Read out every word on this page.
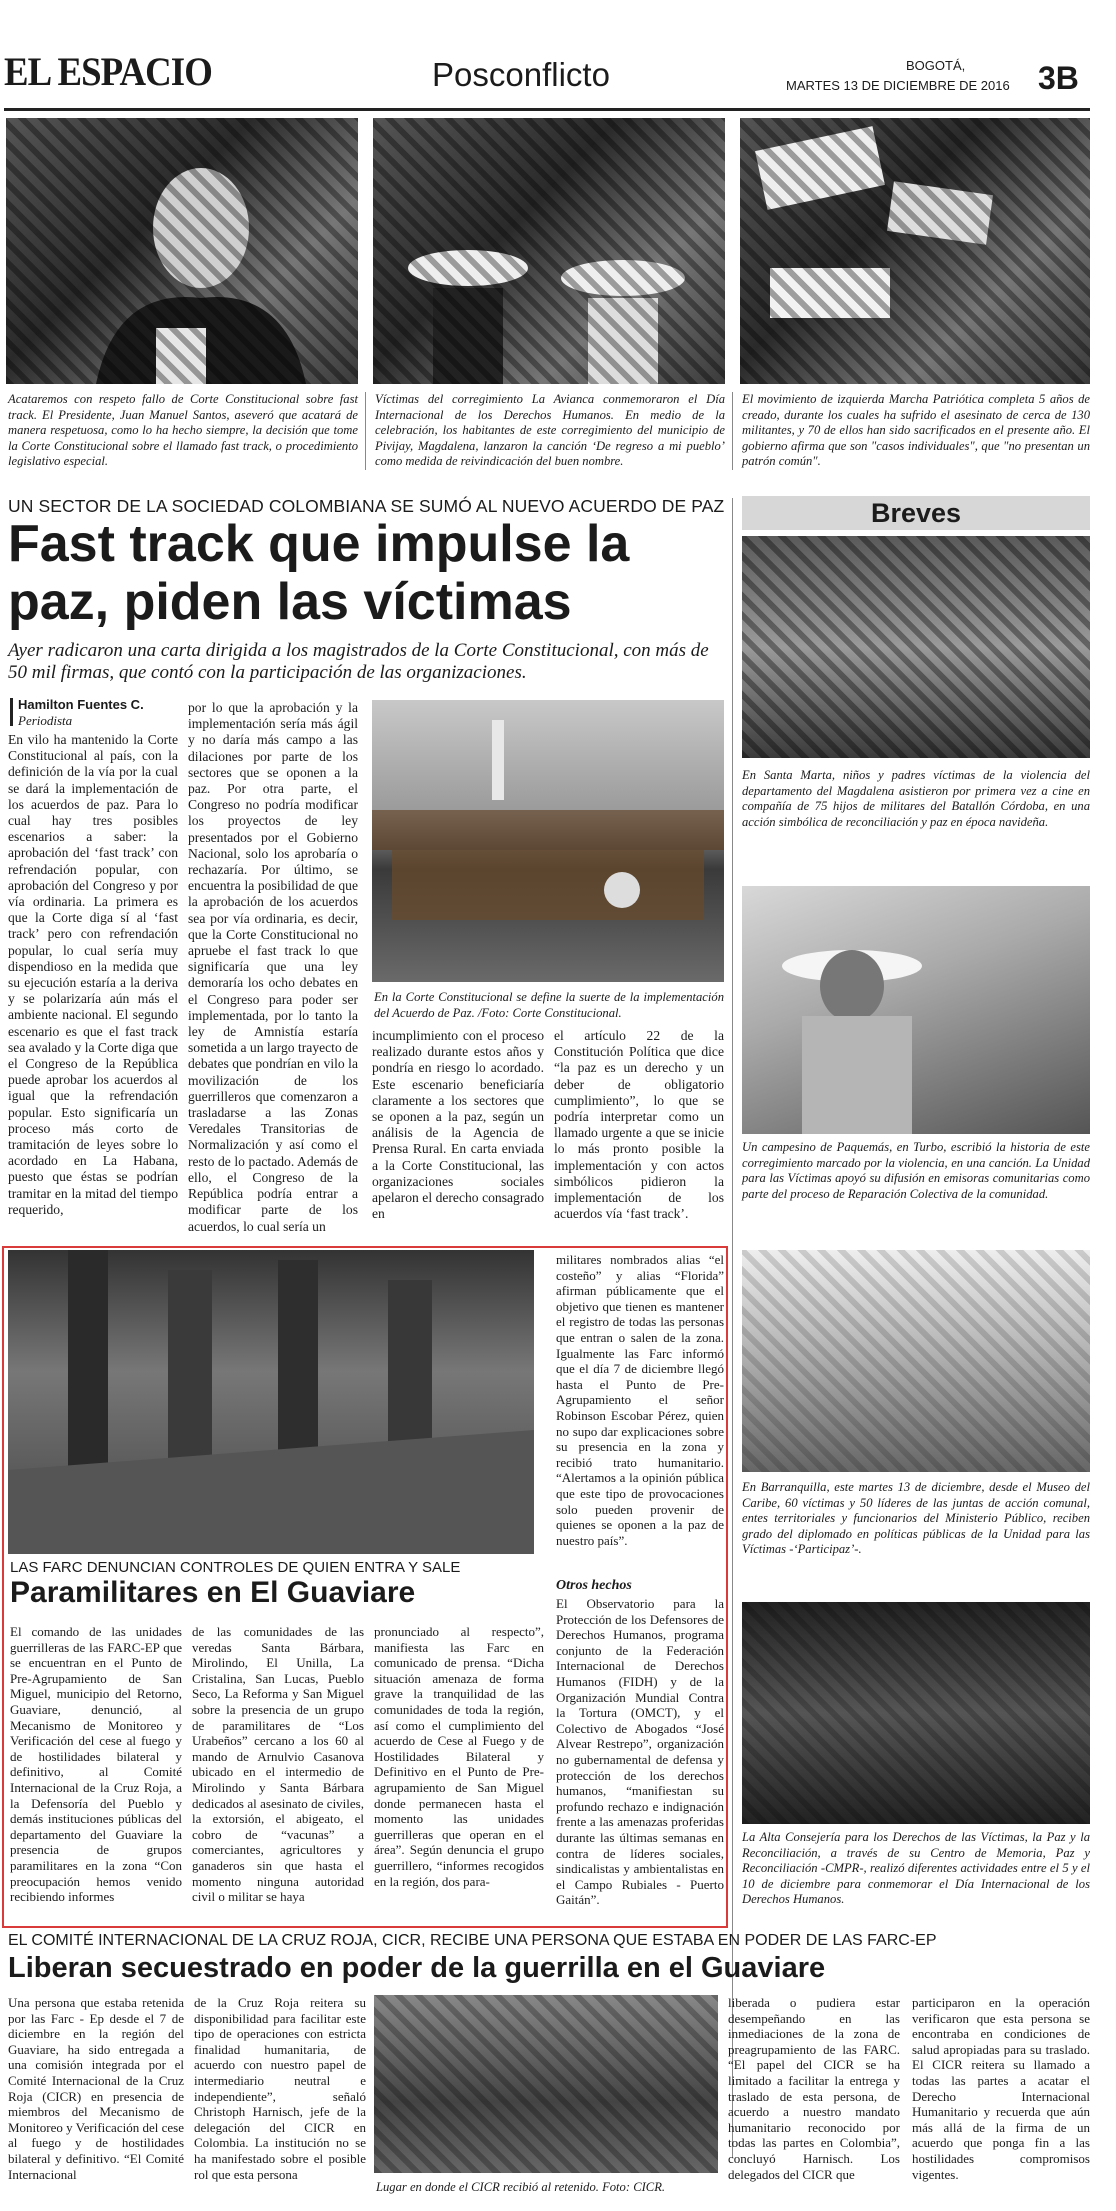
EL ESPACIO	Posconflicto	BOGOTÁ,
MARTES 13 DE DICIEMBRE DE 2016 3B
Acataremos con respeto fallo de Corte Constitucional sobre fast track. El Presidente, Juan Manuel Santos, aseveró que acatará de manera respetuosa, como lo ha hecho siempre, la decisión que tome la Corte Constitucional sobre el llamado fast track, o procedimiento legislativo especial.
Víctimas del corregimiento La Avianca conmemoraron el Día Internacional de los Derechos Humanos. En medio de la celebración, los habitantes de este corregimiento del municipio de Pivijay, Magdalena, lanzaron la canción ‘De regreso a mi pueblo’ como medida de reivindicación del buen nombre.
El movimiento de izquierda Marcha Patriótica completa 5 años de creado, durante los cuales ha sufrido el asesinato de cerca de 130 militantes, y 70 de ellos han sido sacrificados en el presente año. El gobierno afirma que son "casos individuales", que "no presentan un patrón común".
UN SECTOR DE LA SOCIEDAD COLOMBIANA SE SUMÓ AL NUEVO ACUERDO DE PAZ
Fast track que impulse la
paz, piden las víctimas
Ayer radicaron una carta dirigida a los magistrados de la Corte Constitucional, con más de 50 mil firmas, que contó con la participación de las organizaciones.
Hamilton Fuentes C.
Periodista
En vilo ha mantenido la Corte Constitucional al país, con la definición de la vía por la cual se dará la implementación de los acuerdos de paz. Para lo cual hay tres posibles escenarios a saber: la aprobación del ‘fast track’ con refrendación popular, con aprobación del Congreso y por vía ordinaria. La primera es que la Corte diga sí al ‘fast track’ pero con refrendación popular, lo cual sería muy dispendioso en la medida que su ejecución estaría a la deriva y se polarizaría aún más el ambiente nacional. El segundo escenario es que el fast track sea avalado y la Corte diga que el Congreso de la República puede aprobar los acuerdos al igual que la refrendación popular. Esto significaría un proceso más corto de tramitación de leyes sobre lo acordado en La Habana, puesto que éstas se podrían tramitar en la mitad del tiempo requerido,
por lo que la aprobación y la implementación sería más ágil y no daría más campo a las dilaciones por parte de los sectores que se oponen a la paz. Por otra parte, el Congreso no podría modificar los proyectos de ley presentados por el Gobierno Nacional, solo los aprobaría o rechazaría. Por último, se encuentra la posibilidad de que la aprobación de los acuerdos sea por vía ordinaria, es decir, que la Corte Constitucional no apruebe el fast track lo que significaría que una ley demoraría los ocho debates en el Congreso para poder ser implementada, por lo tanto la ley de Amnistía estaría sometida a un largo trayecto de debates que pondrían en vilo la movilización de los guerrilleros que comenzaron a trasladarse a las Zonas Veredales Transitorias de Normalización y así como el resto de lo pactado. Además de ello, el Congreso de la República podría entrar a modificar parte de los acuerdos, lo cual sería un
En la Corte Constitucional se define la suerte de la implementación del Acuerdo de Paz. /Foto: Corte Constitucional.
incumplimiento con el proceso realizado durante estos años y pondría en riesgo lo acordado. Este escenario beneficiaría claramente a los sectores que se oponen a la paz, según un análisis de la Agencia de Prensa Rural. En carta enviada a la Corte Constitucional, las organizaciones sociales apelaron el derecho consagrado en
el artículo 22 de la Constitución Política que dice “la paz es un derecho y un deber de obligatorio cumplimiento”, lo que se podría interpretar como un llamado urgente a que se inicie lo más pronto posible la implementación y con actos simbólicos pidieron la implementación de los acuerdos vía ‘fast track’.
Breves
En Santa Marta, niños y padres víctimas de la violencia del departamento del Magdalena asistieron por primera vez a cine en compañía de 75 hijos de militares del Batallón Córdoba, en una acción simbólica de reconciliación y paz en época navideña.
Un campesino de Paquemás, en Turbo, escribió la historia de este corregimiento marcado por la violencia, en una canción. La Unidad para las Víctimas apoyó su difusión en emisoras comunitarias como parte del proceso de Reparación Colectiva de la comunidad.
En Barranquilla, este martes 13 de diciembre, desde el Museo del Caribe, 60 víctimas y 50 líderes de las juntas de acción comunal, entes territoriales y funcionarios del Ministerio Público, reciben grado del diplomado en políticas públicas de la Unidad para las Víctimas -‘Participaz’-.
La Alta Consejería para los Derechos de las Víctimas, la Paz y la Reconciliación, a través de su Centro de Memoria, Paz y Reconciliación -CMPR-, realizó diferentes actividades entre el 5 y el 10 de diciembre para conmemorar el Día Internacional de los Derechos Humanos.
LAS FARC DENUNCIAN CONTROLES DE QUIEN ENTRA Y SALE
Paramilitares en El Guaviare
El comando de las unidades guerrilleras de las FARC-EP que se encuentran en el Punto de Pre-Agrupamiento de San Miguel, municipio del Retorno, Guaviare, denunció, al Mecanismo de Monitoreo y Verificación del cese al fuego y de hostilidades bilateral y definitivo, al Comité Internacional de la Cruz Roja, a la Defensoría del Pueblo y demás instituciones públicas del departamento del Guaviare la presencia de grupos paramilitares en la zona “Con preocupación hemos venido recibiendo informes
de las comunidades de las veredas Santa Bárbara, Mirolindo, El Unilla, La Cristalina, San Lucas, Pueblo Seco, La Reforma y San Miguel sobre la presencia de un grupo de paramilitares de “Los Urabeños” cercano a los 60 al mando de Arnulvio Casanova ubicado en el intermedio de Mirolindo y Santa Bárbara dedicados al asesinato de civiles, la extorsión, el abigeato, el cobro de “vacunas” a comerciantes, agricultores y ganaderos sin que hasta el momento ninguna autoridad civil o militar se haya
pronunciado al respecto”, manifiesta las Farc en comunicado de prensa. “Dicha situación amenaza de forma grave la tranquilidad de las comunidades de toda la región, así como el cumplimiento del acuerdo de Cese al Fuego y de Hostilidades Bilateral y Definitivo en el Punto de Pre-agrupamiento de San Miguel donde permanecen hasta el momento las unidades guerrilleras que operan en el área”. Según denuncia el grupo guerrillero, “informes recogidos en la región, dos para-
militares nombrados alias “el costeño” y alias “Florida” afirman públicamente que el objetivo que tienen es mantener el registro de todas las personas que entran o salen de la zona. Igualmente las Farc informó que el día 7 de diciembre llegó hasta el Punto de Pre-Agrupamiento el señor Robinson Escobar Pérez, quien no supo dar explicaciones sobre su presencia en la zona y recibió trato humanitario. “Alertamos a la opinión pública que este tipo de provocaciones solo pueden provenir de quienes se oponen a la paz de nuestro país”.
Otros hechos
El Observatorio para la Protección de los Defensores de Derechos Humanos, programa conjunto de la Federación Internacional de Derechos Humanos (FIDH) y de la Organización Mundial Contra la Tortura (OMCT), y el Colectivo de Abogados “José Alvear Restrepo”, organización no gubernamental de defensa y protección de los derechos humanos, “manifiestan su profundo rechazo e indignación frente a las amenazas proferidas durante las últimas semanas en contra de líderes sociales, sindicalistas y ambientalistas en el Campo Rubiales - Puerto Gaitán”.
EL COMITÉ INTERNACIONAL DE LA CRUZ ROJA, CICR, RECIBE UNA PERSONA QUE ESTABA EN PODER DE LAS FARC-EP
Liberan secuestrado en poder de la guerrilla en el Guaviare
Una persona que estaba retenida por las Farc - Ep desde el 7 de diciembre en la región del Guaviare, ha sido entregada a una comisión integrada por el Comité Internacional de la Cruz Roja (CICR) en presencia de miembros del Mecanismo de Monitoreo y Verificación del cese al fuego y de hostilidades bilateral y definitivo. “El Comité Internacional
de la Cruz Roja reitera su disponibilidad para facilitar este tipo de operaciones con estricta finalidad humanitaria, de acuerdo con nuestro papel de intermediario neutral e independiente”, señaló Christoph Harnisch, jefe de la delegación del CICR en Colombia. La institución no se ha manifestado sobre el posible rol que esta persona
Lugar en donde el CICR recibió al retenido. Foto: CICR.
liberada o pudiera estar desempeñando en las inmediaciones de la zona de preagrupamiento de las FARC. “El papel del CICR se ha limitado a facilitar la entrega y traslado de esta persona, de acuerdo a nuestro mandato humanitario reconocido por todas las partes en Colombia”, concluyó Harnisch. Los delegados del CICR que
participaron en la operación verificaron que esta persona se encontraba en condiciones de salud apropiadas para su traslado. El CICR reitera su llamado a todas las partes a acatar el Derecho Internacional Humanitario y recuerda que aún más allá de la firma de un acuerdo que ponga fin a las hostilidades compromisos vigentes.
